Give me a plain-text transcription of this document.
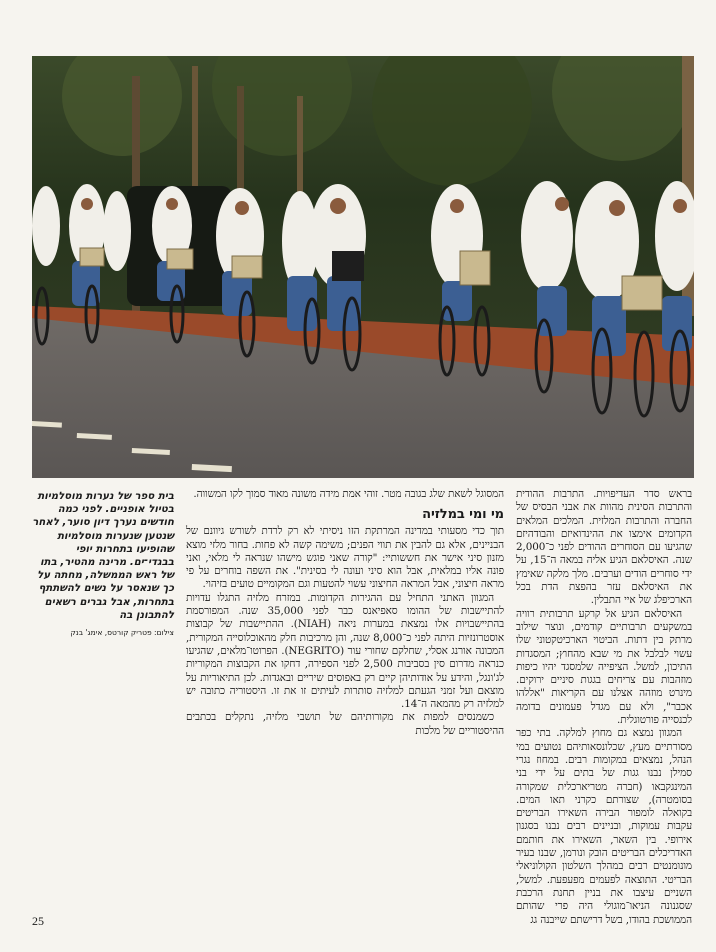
בראש סדר העדיפויות. התרבות ההודית והתרבות הסינית מהוות את אבני הבסיס של החברה והתרבות המלזית. המלכים המלאים הקדומים אימצו את ההינדואיזם והבודהיזם שהגיעו עם הסוחרים ההודים לפני כ־2,000 שנה. האיסלאם הגיע אליה במאה ה־15, על ידי סוחרים הודים וערבים. מלך מלקה שאימץ את האיסלאם עזר בהפצת הדת בכל הארכיפלג של איי התבלין.

האיסלאם הגיע אל קרקע תרבותית רוויה במשקעים תרבותיים קודמים, ונוצר שילוב מרתק בין דתות. הביטוי הארכיטקטוני שלו עשוי לבלבל את מי שבא מהחוץ; המסגדות התיכון, למשל. הציפייה שלמסגד יהיו כיפות מוזהבות עם צריחים בגגות סיניים ירוקים. מינרט מוזהה אצלנו עם הקריאות "אללהו אכבר", ולא עם מגדל פעמונים בדומה לכנסייה פורטוגלית.

המגוון נמצא גם מחוץ למלקה. בתי כפר מסורתיים מעץ, שכלונסאותיהם נטועים במי הנהל, נמצאים במקומות רבים. במחוז נגרי סמילן נבנו גגות של בתים על ידי בני המינגקבאו (חברה מטריארכלית שמקורה בסומטרה), שצורתם כקרני תאו המים. בקואלה לומפור הבירה השאירו הבריטים עקבות עמוקות, ובניינים רבים נבנו בסגנון אירופי. בין השאר, השאירו את חותמם האדריכלים הבריטים הובק ונורמן, שבנו בעיר מונומנטים רבים במהלך השלטון הקולוניאלי הבריטי. התוצאה לפעמים מפעפעת. למשל, השניים עיצבו את בניין תחנת הרכבת שסגנונה הניאו־מוגולי היה פרי שהותם הממושכת בהודו, בשל דרישתם שייבנה גג

המסוגל לשאת שלג בגובה מטר. זוהי אמת מידה משונה מאוד סמוך לקו המשווה.

מי ומי במלזיה

תוך כדי מסעותי במדינה המרתקת הזו ניסיתי לא רק לרדת לשורש גיוונם של הבניינים, אלא גם להבין את תווי הפנים; משימה קשה לא פחות. בחור מלזי מוצא מזנון סיני אישר את חששותיי: "קורה שאני פוגש מישהו שנראה לי מלאי, ואני פונה אליו במלאית, אבל הוא סיני ועונה לי בסינית". את השפה בוחרים על פי מראה חיצוני, אבל המראה החיצוני עשוי להטעות וגם המקומיים טועים בזיהוי.

המגוון האתני התחיל עם ההגירות הקדומות. במזרח מלזיה התגלו עדויות להתיישבות של ההומו סאפיאנס כבר לפני 35,000 שנה. המפורסמת בהתיישבויות אלו נמצאת במערות ניאה (NIAH). ההתיישבות של קבוצות אוסטרונזיות היתה לפני כ־8,000 שנה, והן מרכיבות חלק מהאוכלוסייה המקורית, המכונה אורנג אסלי, שחלקם שחורי עור (NEGRITO). הפרוטו־מלאים, שהגיעו כנראה מדרום סין בסביבות 2,500 לפני הספירה, דחקו את הקבוצות המקוריות לג'ונגל, והידע על אודותיהן קיים רק באפוסים שיריים ובאגדות. לכן התיאוריות על מוצאם ועל זמני הגעתם למלזיה סותרות לעיתים זו את זו. היסטוריה כתובה יש למלזיה רק מהמאה ה־14.

כשמנסים למפות את מקורותיהם של תושבי מלזיה, נתקלים בכתבים ההיסטוריים של מלכות

בית ספר של נערות מוסלמיות בטיול אופניים. לפני כמה חודשים נערך דיון סוער, לאחר שנטען שנערות מוסלמיות שהופיעו בתחרות יופי בבגדי־ים. מרינה מהטיר, בתו של ראש הממשלה, מחתה על כך שנאסר על נשים להשתתף בתחרות, אבל גברים רשאים להתבונן בה
צילום: פטריק קורטס, אימג' בנק
25
